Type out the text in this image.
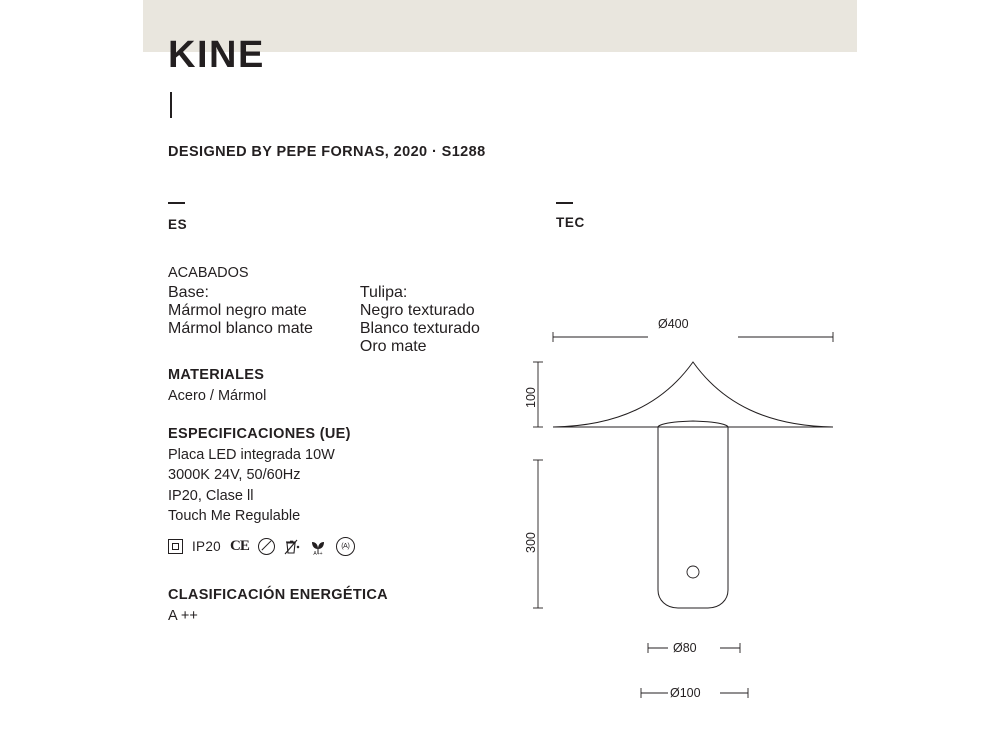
KINE
DESIGNED BY PEPE FORNAS, 2020 · S1288
ES	TEC
ACABADOS
Base:
Mármol negro mate
Mármol blanco mate
Tulipa:
Negro texturado
Blanco texturado
Oro mate
MATERIALES
Acero / Mármol
ESPECIFICACIONES (UE)
Placa LED integrada 10W
3000K 24V, 50/60Hz
IP20, Clase ll
Touch Me Regulable
IP20 CE
A++
(A)
CLASIFICACIÓN ENERGÉTICA
A ++
Ø400
100
300
Ø80
Ø100
